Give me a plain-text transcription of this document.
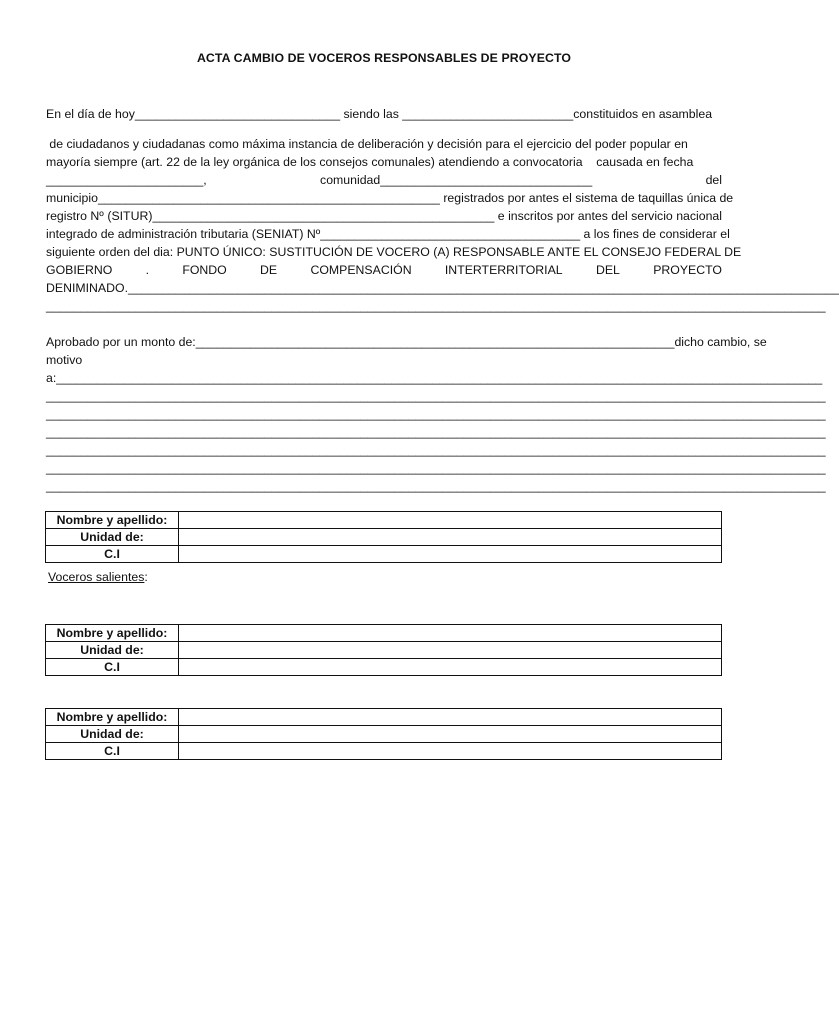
ACTA CAMBIO DE VOCEROS RESPONSABLES DE PROYECTO
En el día de hoy______________________________ siendo las _________________________constituidos en asamblea
de ciudadanos y ciudadanas como máxima instancia de deliberación y decisión para el ejercicio del poder popular en
mayoría siempre (art. 22 de la ley orgánica de los consejos comunales) atendiendo a convocatoria    causada en fecha
_______________________,	comunidad_______________________________	del
municipio__________________________________________________ registrados por antes el sistema de taquillas única de
registro Nº (SITUR)__________________________________________________ e inscritos por antes del servicio nacional
integrado de administración tributaria (SENIAT) Nº______________________________________ a los fines de considerar el
siguiente orden del dia: PUNTO ÚNICO: SUSTITUCIÓN DE VOCERO (A) RESPONSABLE ANTE EL CONSEJO FEDERAL DE
GOBIERNO	.	FONDO	DE	COMPENSACIÓN	INTERTERRITORIAL	DEL	PROYECTO
DENIMINADO.________________________________________________________________________________________________________
__________________________________________________________________________________________________________________
Aprobado por un monto de:______________________________________________________________________dicho cambio, se
motivo
a:________________________________________________________________________________________________________________
__________________________________________________________________________________________________________________
__________________________________________________________________________________________________________________
__________________________________________________________________________________________________________________
__________________________________________________________________________________________________________________
__________________________________________________________________________________________________________________
__________________________________________________________________________________________________________________
Nombre y apellido:	
Unidad de:	
C.I	
Voceros salientes:
Nombre y apellido:	
Unidad de:	
C.I	
Nombre y apellido:	
Unidad de:	
C.I	
